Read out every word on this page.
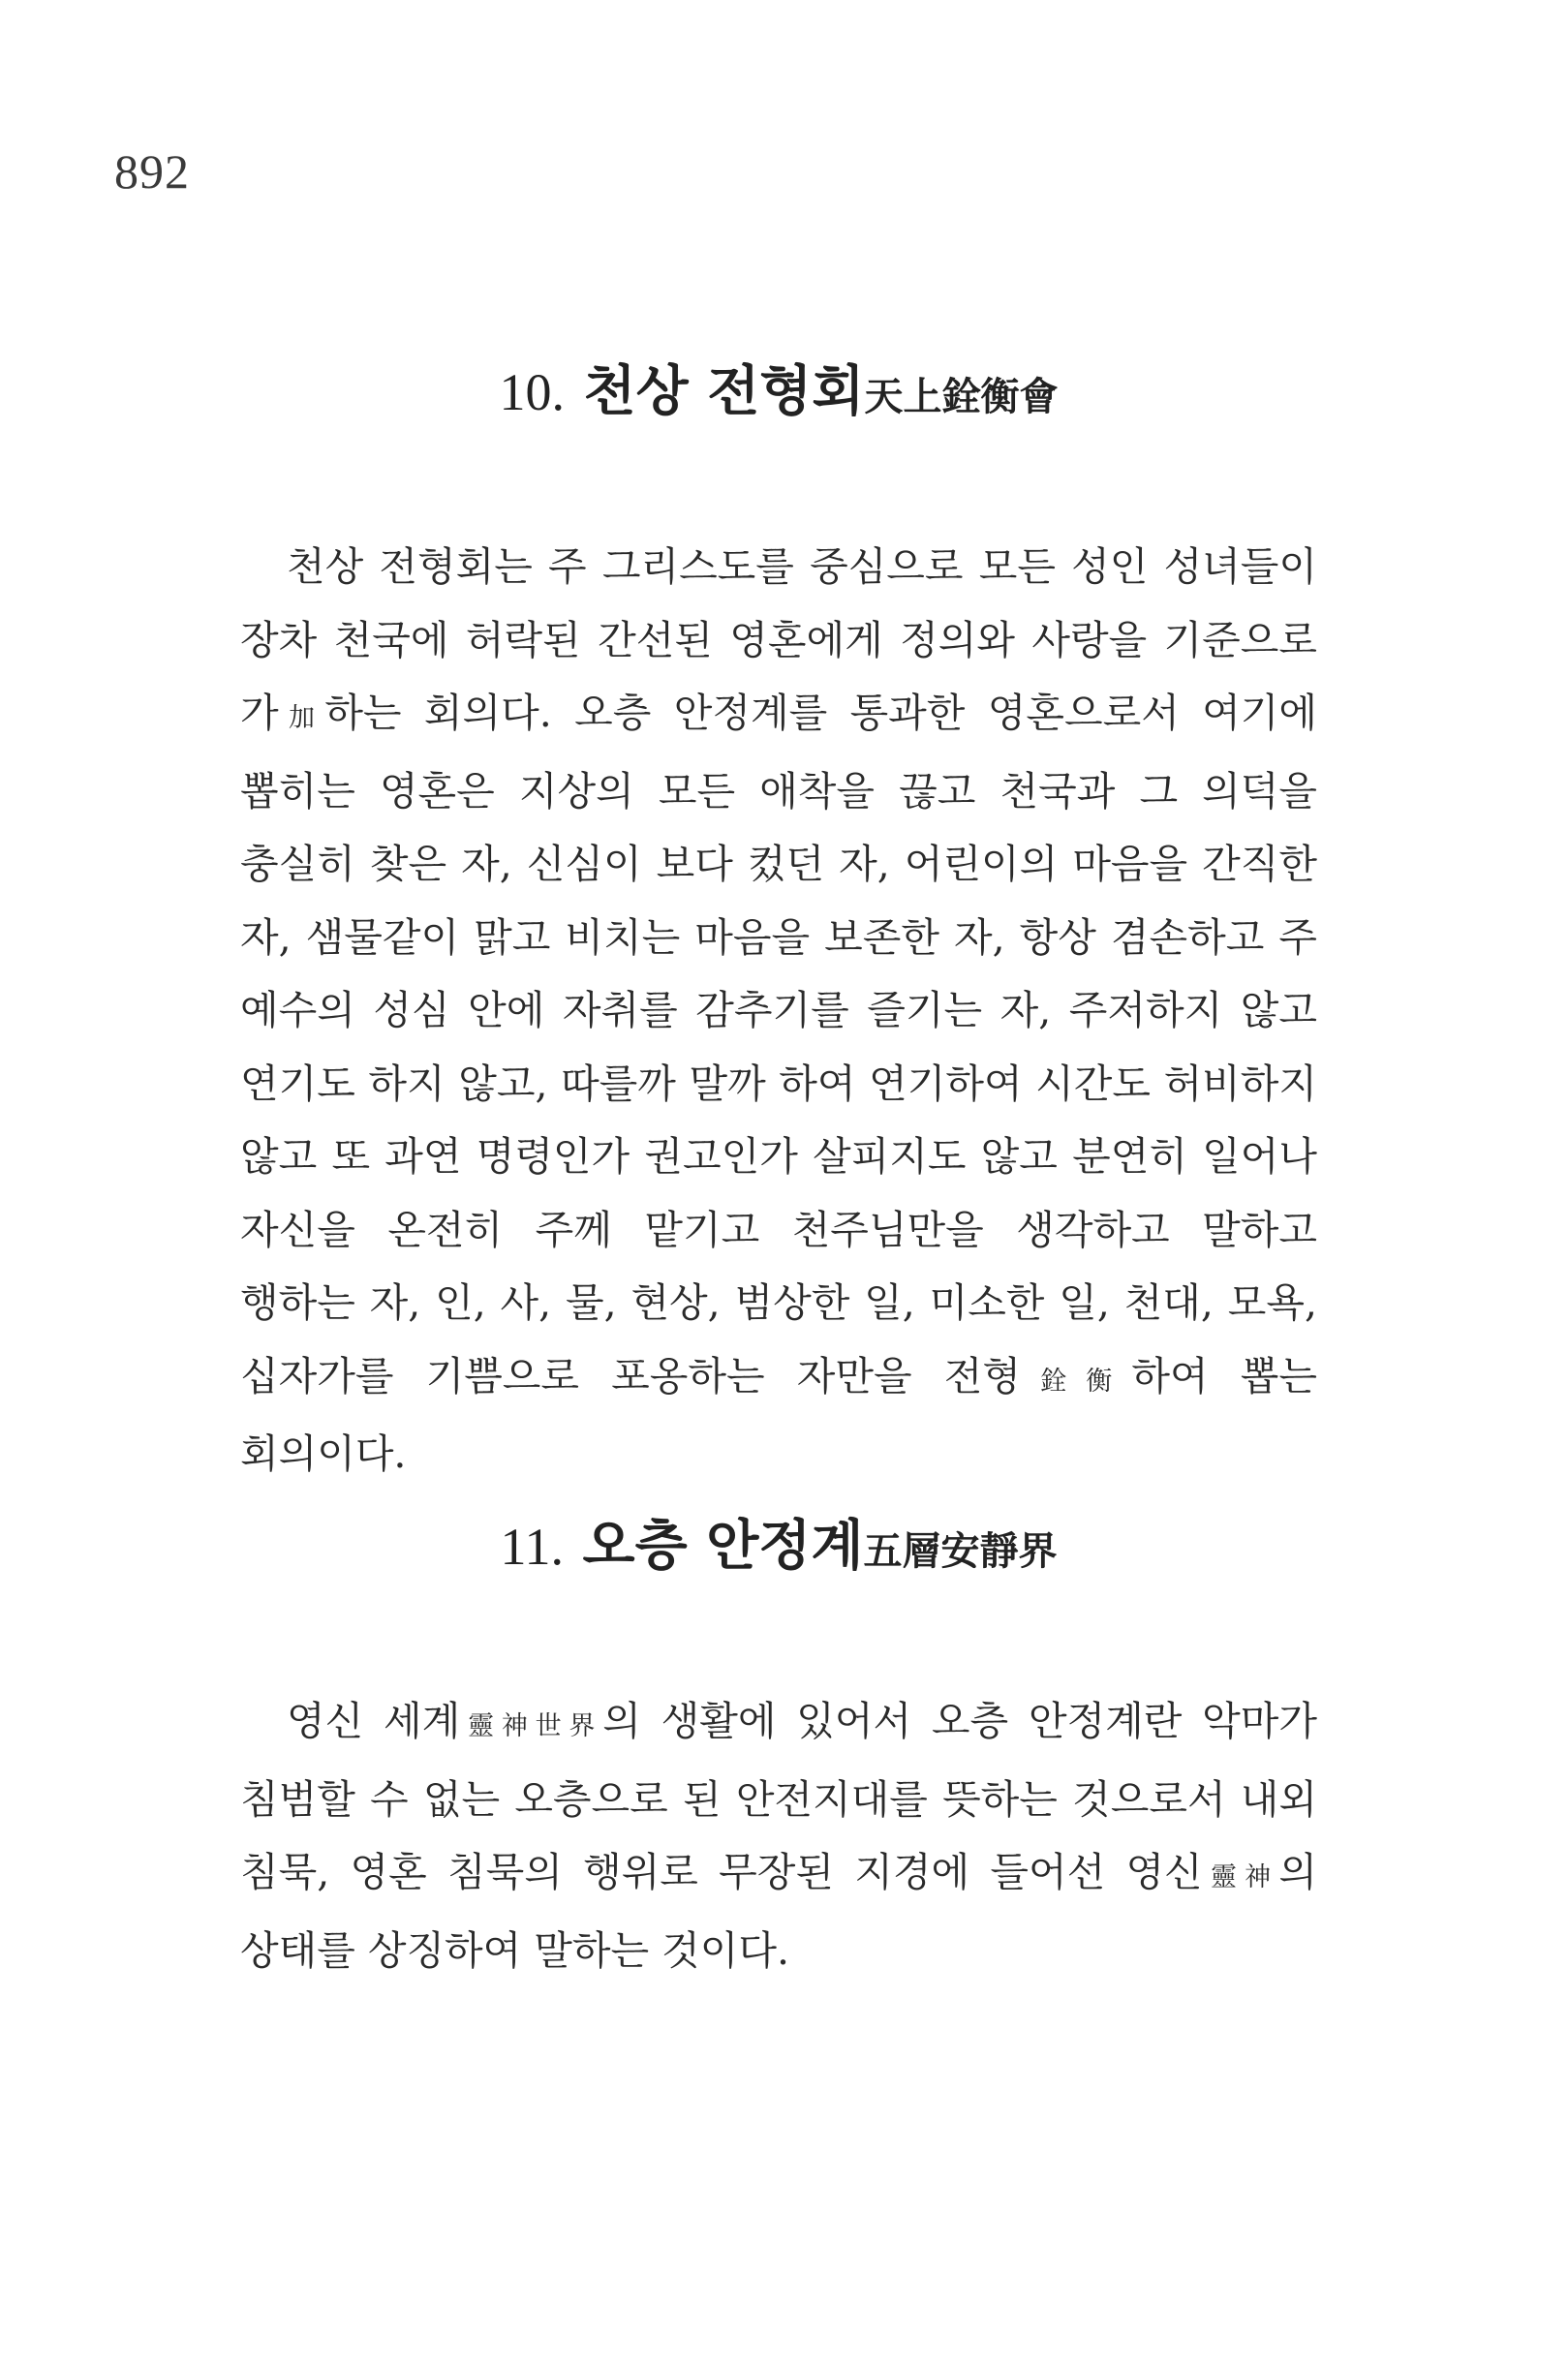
892
10. 천상 전형회天上銓衡會

천상 전형회는 주 그리스도를 중심으로 모든 성인 성녀들이 장차 천국에 허락된 간선된 영혼에게 정의와 사랑을 기준으로 가加하는 회의다. 오층 안정계를 통과한 영혼으로서 여기에 뽑히는 영혼은 지상의 모든 애착을 끊고 천국과 그 의덕을 충실히 찾은 자, 신심이 보다 컸던 자, 어린이의 마음을 간직한 자, 샘물같이 맑고 비치는 마음을 보존한 자, 항상 겸손하고 주 예수의 성심 안에 자취를 감추기를 즐기는 자, 주저하지 않고 연기도 하지 않고, 따를까 말까 하여 연기하여 시간도 허비하지 않고 또 과연 명령인가 권고인가 살피지도 않고 분연히 일어나 자신을 온전히 주께 맡기고 천주님만을 생각하고 말하고 행하는 자, 인, 사, 물, 현상, 범상한 일, 미소한 일, 천대, 모욕, 십자가를 기쁨으로 포옹하는 자만을 전형銓衡하여 뽑는 회의이다.

11. 오층 안정계五層安靜界

영신 세계靈神世界의 생활에 있어서 오층 안정계란 악마가 침범할 수 없는 오층으로 된 안전지대를 뜻하는 것으로서 내외 침묵, 영혼 침묵의 행위로 무장된 지경에 들어선 영신靈神의 상태를 상징하여 말하는 것이다.
